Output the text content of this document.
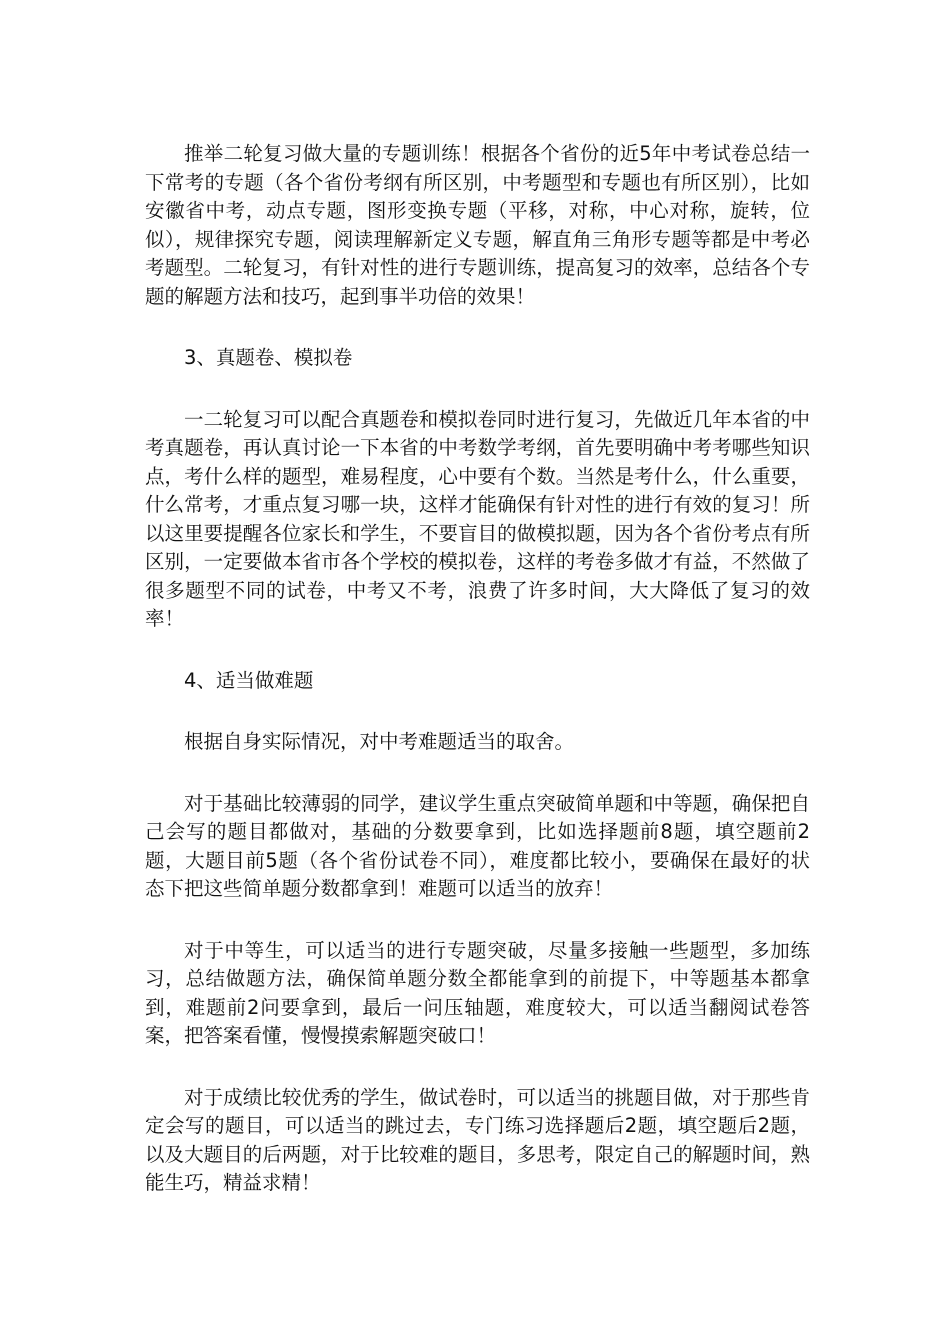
推举二轮复习做大量的专题训练！根据各个省份的近5年中考试卷总结一下常考的专题（各个省份考纲有所区别，中考题型和专题也有所区别），比如安徽省中考，动点专题，图形变换专题（平移，对称，中心对称，旋转，位似），规律探究专题，阅读理解新定义专题，解直角三角形专题等都是中考必考题型。二轮复习，有针对性的进行专题训练，提高复习的效率，总结各个专题的解题方法和技巧，起到事半功倍的效果！

3、真题卷、模拟卷

一二轮复习可以配合真题卷和模拟卷同时进行复习，先做近几年本省的中考真题卷，再认真讨论一下本省的中考数学考纲，首先要明确中考考哪些知识点，考什么样的题型，难易程度，心中要有个数。当然是考什么，什么重要，什么常考，才重点复习哪一块，这样才能确保有针对性的进行有效的复习！所以这里要提醒各位家长和学生，不要盲目的做模拟题，因为各个省份考点有所区别，一定要做本省市各个学校的模拟卷，这样的考卷多做才有益，不然做了很多题型不同的试卷，中考又不考，浪费了许多时间，大大降低了复习的效率！

4、适当做难题

根据自身实际情况，对中考难题适当的取舍。

对于基础比较薄弱的同学，建议学生重点突破简单题和中等题，确保把自己会写的题目都做对，基础的分数要拿到，比如选择题前8题，填空题前2题，大题目前5题（各个省份试卷不同），难度都比较小，要确保在最好的状态下把这些简单题分数都拿到！难题可以适当的放弃！

对于中等生，可以适当的进行专题突破，尽量多接触一些题型，多加练习，总结做题方法，确保简单题分数全都能拿到的前提下，中等题基本都拿到，难题前2问要拿到，最后一问压轴题，难度较大，可以适当翻阅试卷答案，把答案看懂，慢慢摸索解题突破口！

对于成绩比较优秀的学生，做试卷时，可以适当的挑题目做，对于那些肯定会写的题目，可以适当的跳过去，专门练习选择题后2题，填空题后2题，以及大题目的后两题，对于比较难的题目，多思考，限定自己的解题时间，熟能生巧，精益求精！
